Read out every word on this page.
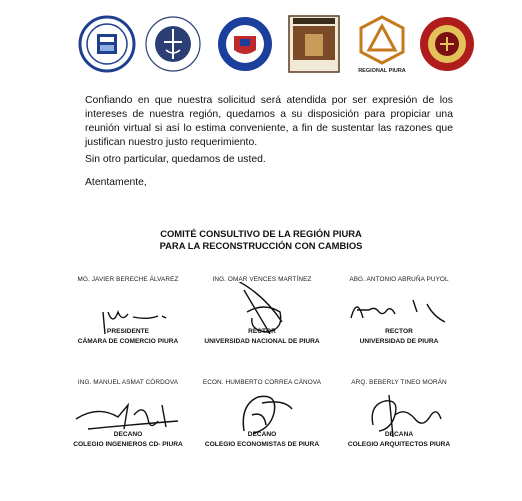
REGIONAL PIURA

Confiando en que nuestra solicitud será atendida por ser expresión de los intereses de nuestra región, quedamos a su disposición para propiciar una reunión virtual si así lo estima conveniente, a fin de sustentar las razones que justifican nuestro justo requerimiento.

Sin otro particular, quedamos de usted.

Atentamente,

COMITÉ CONSULTIVO DE LA REGIÓN PIURA
PARA LA RECONSTRUCCIÓN CON CAMBIOS
MG. JAVIER BERECHE ÁLVAREZ
PRESIDENTE
CÁMARA DE COMERCIO PIURA
ING. OMAR VENCES MARTÍNEZ
RECTOR
UNIVERSIDAD NACIONAL DE PIURA
ABG. ANTONIO ABRUÑA PUYOL
RECTOR
UNIVERSIDAD DE PIURA
ING. MANUEL ASMAT CÓRDOVA
DECANO
COLEGIO INGENIEROS CD- PIURA
ECON. HUMBERTO CORREA CÁNOVA
DECANO
COLEGIO ECONOMISTAS DE PIURA
ARQ. BEBERLY TINEO MORÁN
DECANA
COLEGIO ARQUITECTOS PIURA
